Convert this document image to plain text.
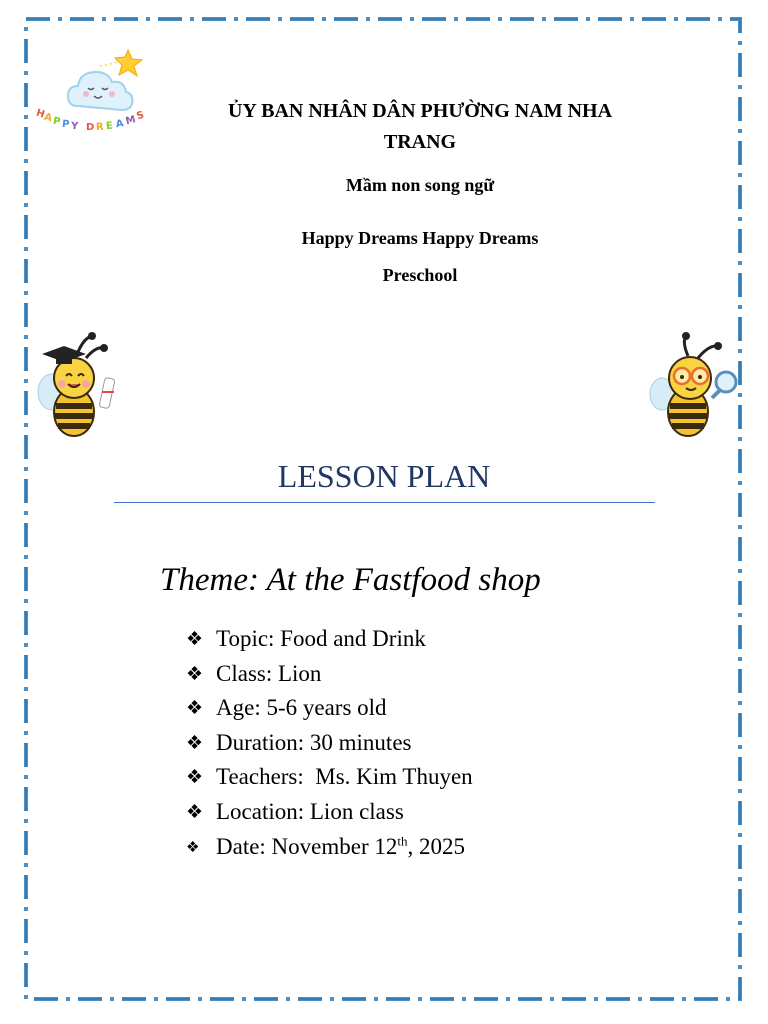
H
A P P Y D R E A M
S	ỦY BAN NHÂN DÂN PHƯỜNG NAM NHA TRANG
Mầm non song ngữ
Happy Dreams Happy Dreams
Preschool
LESSON PLAN
Theme: At the Fastfood shop
❖ Topic: Food and Drink
❖ Class: Lion
❖ Age: 5-6 years old
❖ Duration: 30 minutes
❖ Teachers:  Ms. Kim Thuyen
❖ Location: Lion class
❖ Date: November 12th, 2025
